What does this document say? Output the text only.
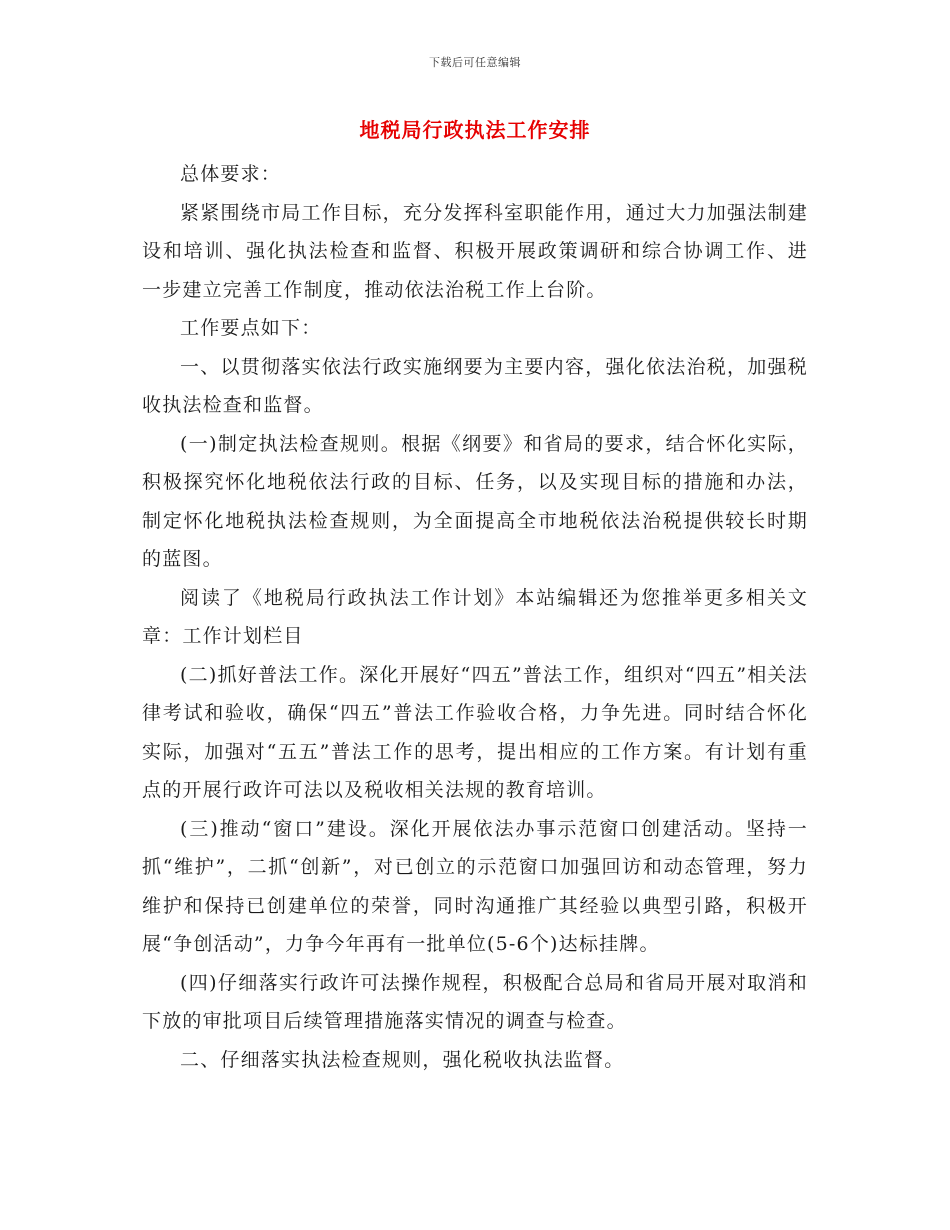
下载后可任意编辑
地税局行政执法工作安排

总体要求：

紧紧围绕市局工作目标，充分发挥科室职能作用，通过大力加强法制建设和培训、强化执法检查和监督、积极开展政策调研和综合协调工作、进一步建立完善工作制度，推动依法治税工作上台阶。

工作要点如下：

一、以贯彻落实依法行政实施纲要为主要内容，强化依法治税，加强税收执法检查和监督。

(一)制定执法检查规则。根据《纲要》和省局的要求，结合怀化实际，积极探究怀化地税依法行政的目标、任务，以及实现目标的措施和办法，制定怀化地税执法检查规则，为全面提高全市地税依法治税提供较长时期的蓝图。

阅读了《地税局行政执法工作计划》本站编辑还为您推举更多相关文章：工作计划栏目

(二)抓好普法工作。深化开展好“四五”普法工作，组织对“四五”相关法律考试和验收，确保“四五”普法工作验收合格，力争先进。同时结合怀化实际，加强对“五五”普法工作的思考，提出相应的工作方案。有计划有重点的开展行政许可法以及税收相关法规的教育培训。

(三)推动“窗口”建设。深化开展依法办事示范窗口创建活动。坚持一抓“维护”，二抓“创新”，对已创立的示范窗口加强回访和动态管理，努力维护和保持已创建单位的荣誉，同时沟通推广其经验以典型引路，积极开展“争创活动”，力争今年再有一批单位(5-6个)达标挂牌。

(四)仔细落实行政许可法操作规程，积极配合总局和省局开展对取消和下放的审批项目后续管理措施落实情况的调查与检查。

二、仔细落实执法检查规则，强化税收执法监督。
